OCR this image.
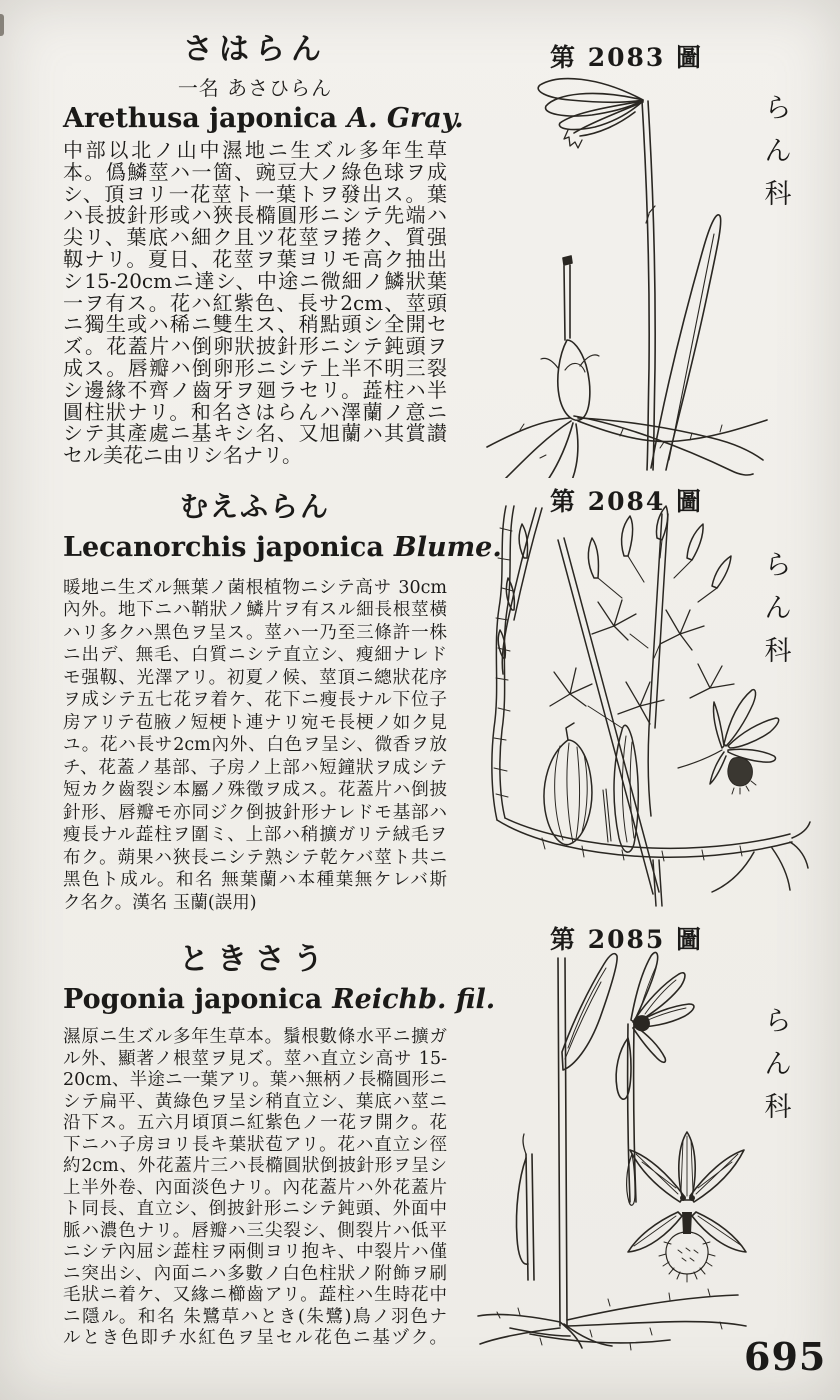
さはらん
一名 あさひらん
Arethusa japonica A. Gray.
中部以北ノ山中濕地ニ生ズル多年生草
本。僞鱗莖ハ一箇、豌豆大ノ綠色球ヲ成
シ、頂ヨリ一花莖ト一葉トヲ發出ス。葉
ハ長披針形或ハ狹長橢圓形ニシテ先端ハ
尖リ、葉底ハ細ク且ツ花莖ヲ捲ク、質强
靱ナリ。夏日、花莖ヲ葉ヨリモ高ク抽出
シ15-20cmニ達シ、中途ニ微細ノ鱗狀葉
一ヲ有ス。花ハ紅紫色、長サ2cm、莖頭
ニ獨生或ハ稀ニ雙生ス、稍點頭シ全開セ
ズ。花蓋片ハ倒卵狀披針形ニシテ鈍頭ヲ
成ス。唇瓣ハ倒卵形ニシテ上半不明三裂
シ邊緣不齊ノ齒牙ヲ廻ラセリ。蕋柱ハ半
圓柱狀ナリ。和名さはらんハ澤蘭ノ意ニ
シテ其產處ニ基キシ名、又旭蘭ハ其賞讃
セル美花ニ由リシ名ナリ。
むえふらん
Lecanorchis japonica Blume.
暖地ニ生ズル無葉ノ菌根植物ニシテ高サ 30cm
內外。地下ニハ鞘狀ノ鱗片ヲ有スル細長根莖橫
ハリ多クハ黑色ヲ呈ス。莖ハ一乃至三條許一株
ニ出デ、無毛、白質ニシテ直立シ、瘦細ナレド
モ强靱、光澤アリ。初夏ノ候、莖頂ニ總狀花序
ヲ成シテ五七花ヲ着ケ、花下ニ瘦長ナル下位子
房アリテ苞腋ノ短梗ト連ナリ宛モ長梗ノ如ク見
ユ。花ハ長サ2cm內外、白色ヲ呈シ、微香ヲ放
チ、花蓋ノ基部、子房ノ上部ハ短鐘狀ヲ成シテ
短カク齒裂シ本屬ノ殊徵ヲ成ス。花蓋片ハ倒披
針形、唇瓣モ亦同ジク倒披針形ナレドモ基部ハ
瘦長ナル蕋柱ヲ圍ミ、上部ハ稍擴ガリテ絨毛ヲ
布ク。蒴果ハ狹長ニシテ熟シテ乾ケバ莖ト共ニ
黑色ト成ル。和名 無葉蘭ハ本種葉無ケレバ斯
ク名ク。漢名 玉蘭(誤用)
ときさう
Pogonia japonica Reichb. fil.
濕原ニ生ズル多年生草本。鬚根數條水平ニ擴ガ
ル外、顯著ノ根莖ヲ見ズ。莖ハ直立シ高サ 15-
20cm、半途ニ一葉アリ。葉ハ無柄ノ長橢圓形ニ
シテ扁平、黃綠色ヲ呈シ稍直立シ、葉底ハ莖ニ
沿下ス。五六月頃頂ニ紅紫色ノ一花ヲ開ク。花
下ニハ子房ヨリ長キ葉狀苞アリ。花ハ直立シ徑
約2cm、外花蓋片三ハ長橢圓狀倒披針形ヲ呈シ
上半外卷、內面淡色ナリ。內花蓋片ハ外花蓋片
ト同長、直立シ、倒披針形ニシテ鈍頭、外面中
脈ハ濃色ナリ。唇瓣ハ三尖裂シ、側裂片ハ低平
ニシテ內屈シ蕋柱ヲ兩側ヨリ抱キ、中裂片ハ僅
ニ突出シ、內面ニハ多數ノ白色柱狀ノ附飾ヲ刷
毛狀ニ着ケ、又緣ニ櫛齒アリ。蕋柱ハ生時花中
ニ隱ル。和名 朱鷺草ハとき(朱鷺)鳥ノ羽色ナ
ルとき色即チ水紅色ヲ呈セル花色ニ基ヅク。
第 2083 圖
第 2084 圖
第 2085 圖
ら
ん
科
ら
ん
科
ら
ん
科
695
